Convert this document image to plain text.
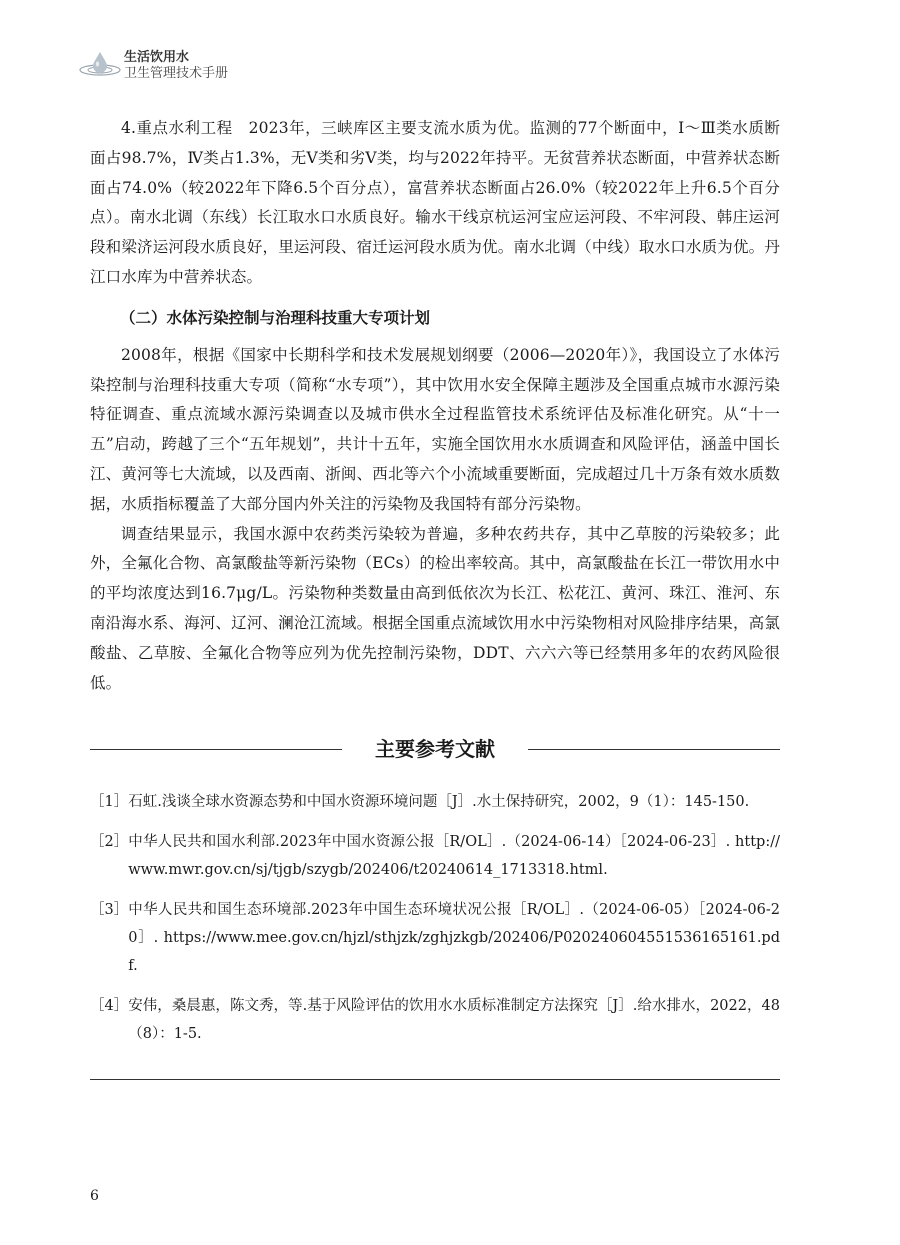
生活饮用水
卫生管理技术手册

4.重点水利工程　2023年，三峡库区主要支流水质为优。监测的77个断面中，Ⅰ～Ⅲ类水质断面占98.7%，Ⅳ类占1.3%，无Ⅴ类和劣Ⅴ类，均与2022年持平。无贫营养状态断面，中营养状态断面占74.0%（较2022年下降6.5个百分点），富营养状态断面占26.0%（较2022年上升6.5个百分点）。南水北调（东线）长江取水口水质良好。输水干线京杭运河宝应运河段、不牢河段、韩庄运河段和梁济运河段水质良好，里运河段、宿迁运河段水质为优。南水北调（中线）取水口水质为优。丹江口水库为中营养状态。

（二）水体污染控制与治理科技重大专项计划

2008年，根据《国家中长期科学和技术发展规划纲要（2006—2020年）》，我国设立了水体污染控制与治理科技重大专项（简称“水专项”），其中饮用水安全保障主题涉及全国重点城市水源污染特征调查、重点流域水源污染调查以及城市供水全过程监管技术系统评估及标准化研究。从“十一五”启动，跨越了三个“五年规划”，共计十五年，实施全国饮用水水质调查和风险评估，涵盖中国长江、黄河等七大流域，以及西南、浙闽、西北等六个小流域重要断面，完成超过几十万条有效水质数据，水质指标覆盖了大部分国内外关注的污染物及我国特有部分污染物。

调查结果显示，我国水源中农药类污染较为普遍，多种农药共存，其中乙草胺的污染较多；此外，全氟化合物、高氯酸盐等新污染物（ECs）的检出率较高。其中，高氯酸盐在长江一带饮用水中的平均浓度达到16.7μg/L。污染物种类数量由高到低依次为长江、松花江、黄河、珠江、淮河、东南沿海水系、海河、辽河、澜沧江流域。根据全国重点流域饮用水中污染物相对风险排序结果，高氯酸盐、乙草胺、全氟化合物等应列为优先控制污染物，DDT、六六六等已经禁用多年的农药风险很低。

主要参考文献
［1］ 石虹.浅谈全球水资源态势和中国水资源环境问题［J］.水土保持研究，2002，9（1）：145-150.
［2］ 中华人民共和国水利部.2023年中国水资源公报［R/OL］.（2024-06-14）［2024-06-23］. http://www.mwr.gov.cn/sj/tjgb/szygb/202406/t20240614_1713318.html.
［3］ 中华人民共和国生态环境部.2023年中国生态环境状况公报［R/OL］.（2024-06-05）［2024-06-20］. https://www.mee.gov.cn/hjzl/sthjzk/zghjzkgb/202406/P020240604551536165161.pdf.
［4］ 安伟，桑晨惠，陈文秀，等.基于风险评估的饮用水水质标准制定方法探究［J］.给水排水，2022，48（8）：1-5.
6
